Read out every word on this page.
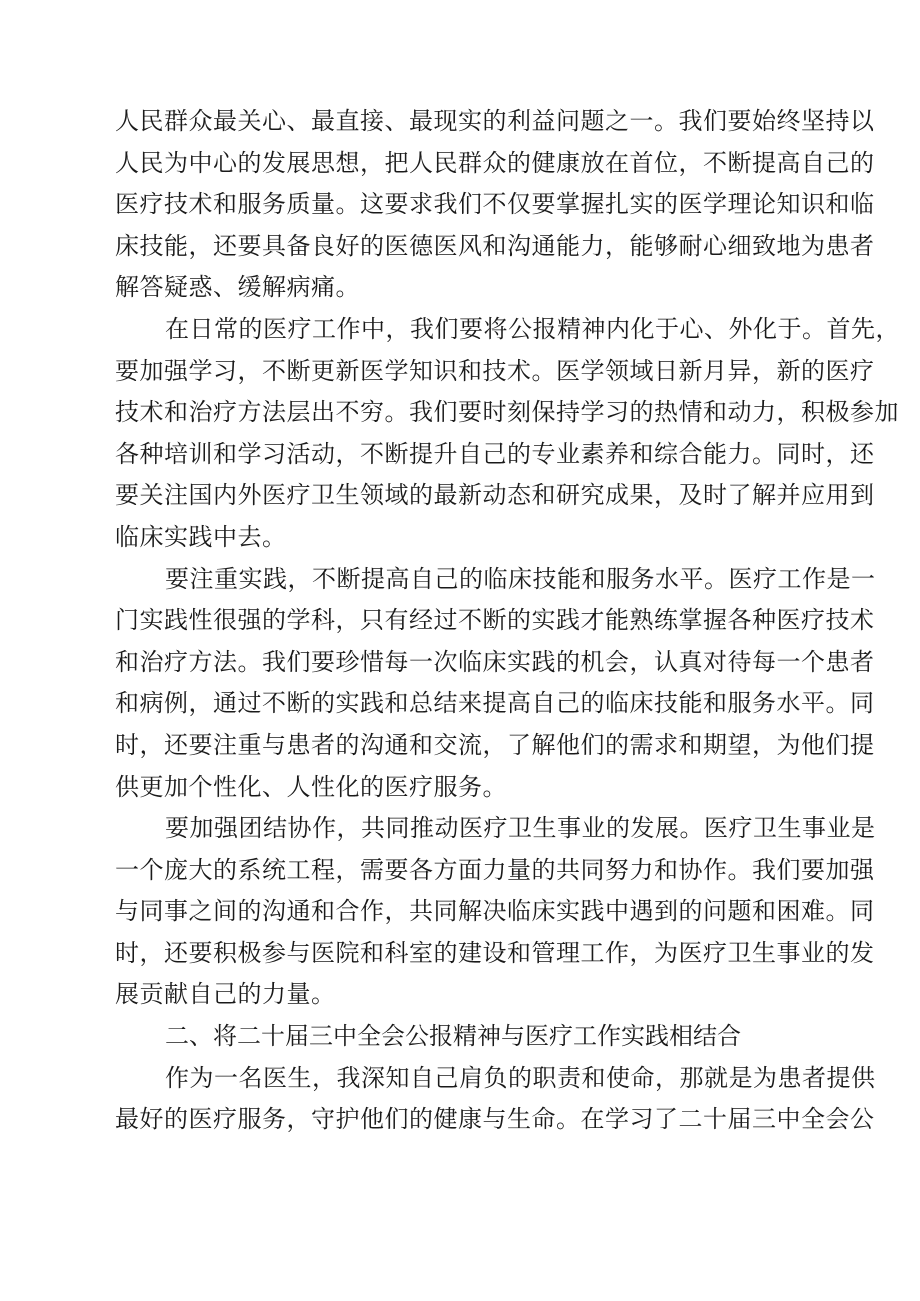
人民群众最关心、最直接、最现实的利益问题之一。我们要始终坚持以
人民为中心的发展思想，把人民群众的健康放在首位，不断提高自己的
医疗技术和服务质量。这要求我们不仅要掌握扎实的医学理论知识和临
床技能，还要具备良好的医德医风和沟通能力，能够耐心细致地为患者
解答疑惑、缓解病痛。
在日常的医疗工作中，我们要将公报精神内化于心、外化于。首先，
要加强学习，不断更新医学知识和技术。医学领域日新月异，新的医疗
技术和治疗方法层出不穷。我们要时刻保持学习的热情和动力，积极参加
各种培训和学习活动，不断提升自己的专业素养和综合能力。同时，还
要关注国内外医疗卫生领域的最新动态和研究成果，及时了解并应用到
临床实践中去。
要注重实践，不断提高自己的临床技能和服务水平。医疗工作是一
门实践性很强的学科，只有经过不断的实践才能熟练掌握各种医疗技术
和治疗方法。我们要珍惜每一次临床实践的机会，认真对待每一个患者
和病例，通过不断的实践和总结来提高自己的临床技能和服务水平。同
时，还要注重与患者的沟通和交流，了解他们的需求和期望，为他们提
供更加个性化、人性化的医疗服务。
要加强团结协作，共同推动医疗卫生事业的发展。医疗卫生事业是
一个庞大的系统工程，需要各方面力量的共同努力和协作。我们要加强
与同事之间的沟通和合作，共同解决临床实践中遇到的问题和困难。同
时，还要积极参与医院和科室的建设和管理工作，为医疗卫生事业的发
展贡献自己的力量。
二、将二十届三中全会公报精神与医疗工作实践相结合
作为一名医生，我深知自己肩负的职责和使命，那就是为患者提供
最好的医疗服务，守护他们的健康与生命。在学习了二十届三中全会公
